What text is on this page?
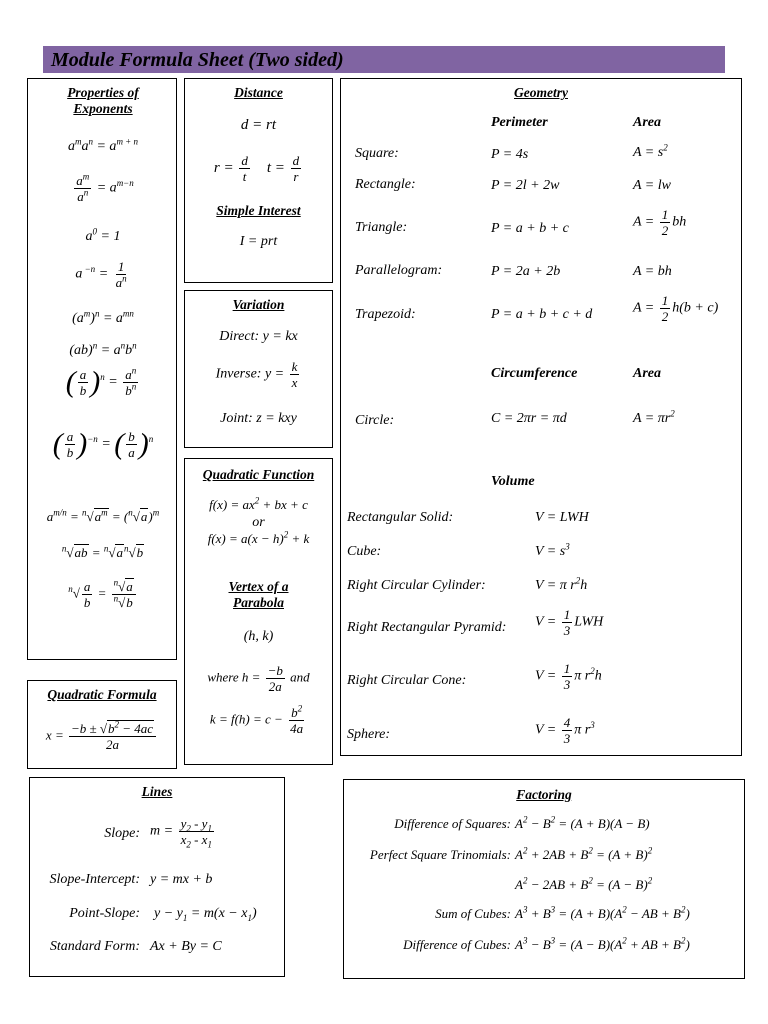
Module Formula Sheet (Two sided)
Properties of Exponents
$a^ma^n = a^{m + n}$
$\frac{a^m}{a^n} = a^{m-n}$
$a^0 = 1$
a $^{-n} = \frac{1}{a^n}$
$(a^m)^n = a^{mn}$
$(ab)^n = a^nb^n$
( $\frac{a}{b} )^n = \frac{a^n}{b^n}$
( $\frac{a}{b} )^{-n}$ = ( $\frac{b}{a} )^n$
$a^{m/n} = ^n√a^m = (^n√a)^m$
$^n√ab = ^n√a^n√b$
$^n√ \frac{a}{b} = \frac{^n√a}{^n√b}$
Distance
d = rt
$r = \frac{d}{t}$ $t = \frac{d}{r}$
Simple Interest
I = prt
Variation
Direct: y = kx
Inverse: $y = \frac{k}{x}$
Joint: z = kxy
Quadratic Function
$f(x) = ax^2$ + bx + c
or
$f(x) = a(x - h)^2 + k$
Vertex of a Parabola
(h, k)
where $h = \frac{-b}{2a}$ and
$k = f(h) = c - \frac{b^2}{4a}$
Quadratic Formula
$x = \frac{-b \pm √b^2 - 4ac}{2a}$
Geometry
Perimeter	Area
Square:	P = 4s	$A = s^2$
Rectangle:	P = 2l + 2w	A = lw
Triangle:	P = a + b + c	$A = \frac{1}{2}$ bh
Parallelogram:	P = 2a + 2b	A = bh
Trapezoid:	P = a + b + c + d	$A = \frac{1}{2} h(b + c)$
Circumference	Area
Circle:	C = 2πr = πd	$A = \pi r^2$
Volume
Rectangular Solid:	V = LWH
Cube:	$V = s^3$
Right Circular Cylinder:	V = π $r^2h$
Right Rectangular Pyramid: $V = \frac{1}{3}$ LWH
Right Circular Cone:	$V = \frac{1}{3}$ π $r^2h$
Sphere:	$V = \frac{4}{3}$ π $r^3$
Lines
Slope: $m = \frac{y_2 - y_1}{x_2 - x_1}$
Slope-Intercept: y = mx + b
Point-Slope: $y - y_1 = m(x - x_1)$
Standard Form: Ax + By = C
Factoring
Difference of Squares: $A^2 - B^2 = (A + B)(A - B)$
Perfect Square Trinomials: $A^2 + 2AB + B^2 = (A + B)^2$
$A^2 - 2AB + B^2 = (A - B)^2$
Sum of Cubes: $A^3 + B^3 = (A + B)(A^2$ − AB + $B^2$)
Difference of Cubes: $A^3 - B^3 = (A - B)(A^2$ + AB + $B^2$)
